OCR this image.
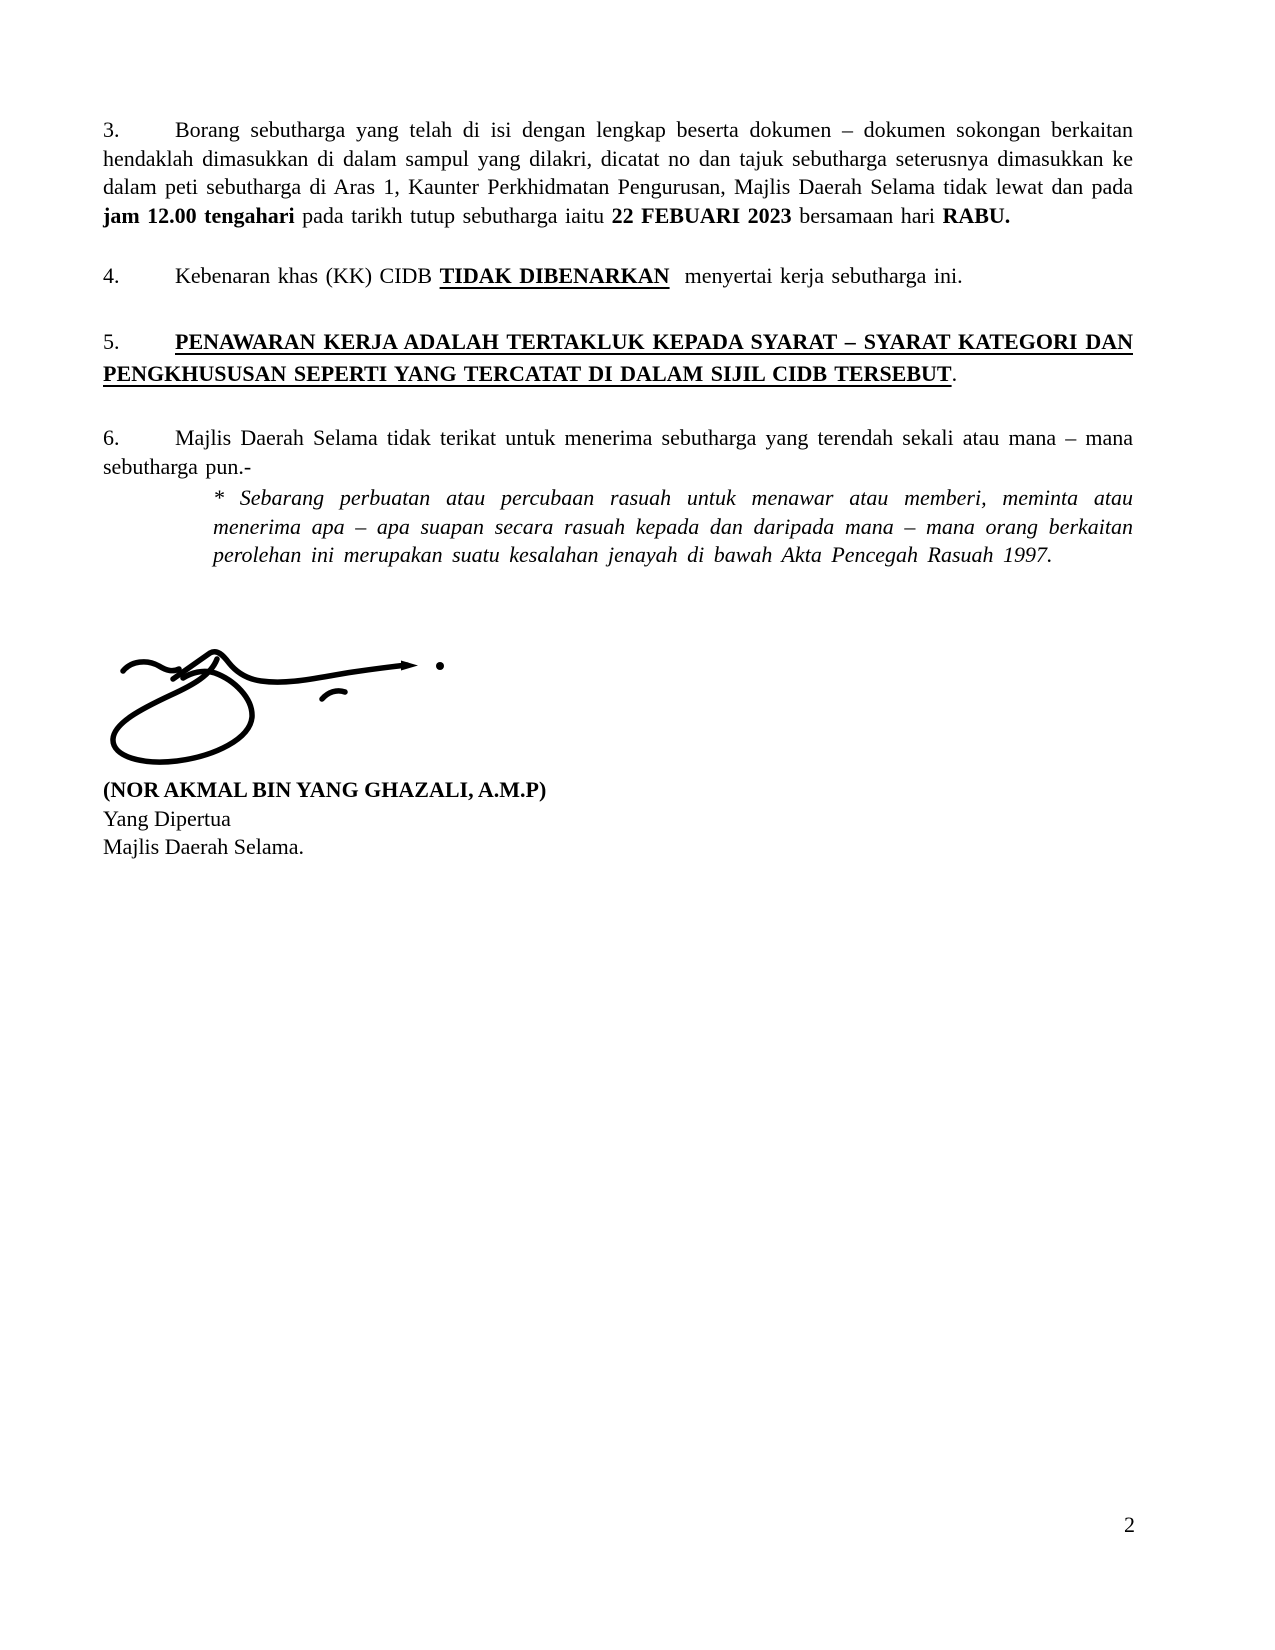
3.	Borang sebutharga yang telah di isi dengan lengkap beserta dokumen – dokumen sokongan berkaitan hendaklah dimasukkan di dalam sampul yang dilakri, dicatat no dan tajuk sebutharga seterusnya dimasukkan ke dalam peti sebutharga di Aras 1, Kaunter Perkhidmatan Pengurusan, Majlis Daerah Selama tidak lewat dan pada jam 12.00 tengahari pada tarikh tutup sebutharga iaitu 22 FEBUARI 2023 bersamaan hari RABU.

4.	Kebenaran khas (KK) CIDB TIDAK DIBENARKAN  menyertai kerja sebutharga ini.

5.	PENAWARAN KERJA ADALAH TERTAKLUK KEPADA SYARAT – SYARAT KATEGORI DAN PENGKHUSUSAN SEPERTI YANG TERCATAT DI DALAM SIJIL CIDB TERSEBUT.

6.	Majlis Daerah Selama tidak terikat untuk menerima sebutharga yang terendah sekali atau mana – mana sebutharga pun.-

* Sebarang perbuatan atau percubaan rasuah untuk menawar atau memberi, meminta atau menerima apa – apa suapan secara rasuah kepada dan daripada mana – mana orang berkaitan perolehan ini merupakan suatu kesalahan jenayah di bawah Akta Pencegah Rasuah 1997.

(NOR AKMAL BIN YANG GHAZALI, A.M.P)

Yang Dipertua

Majlis Daerah Selama.

2
